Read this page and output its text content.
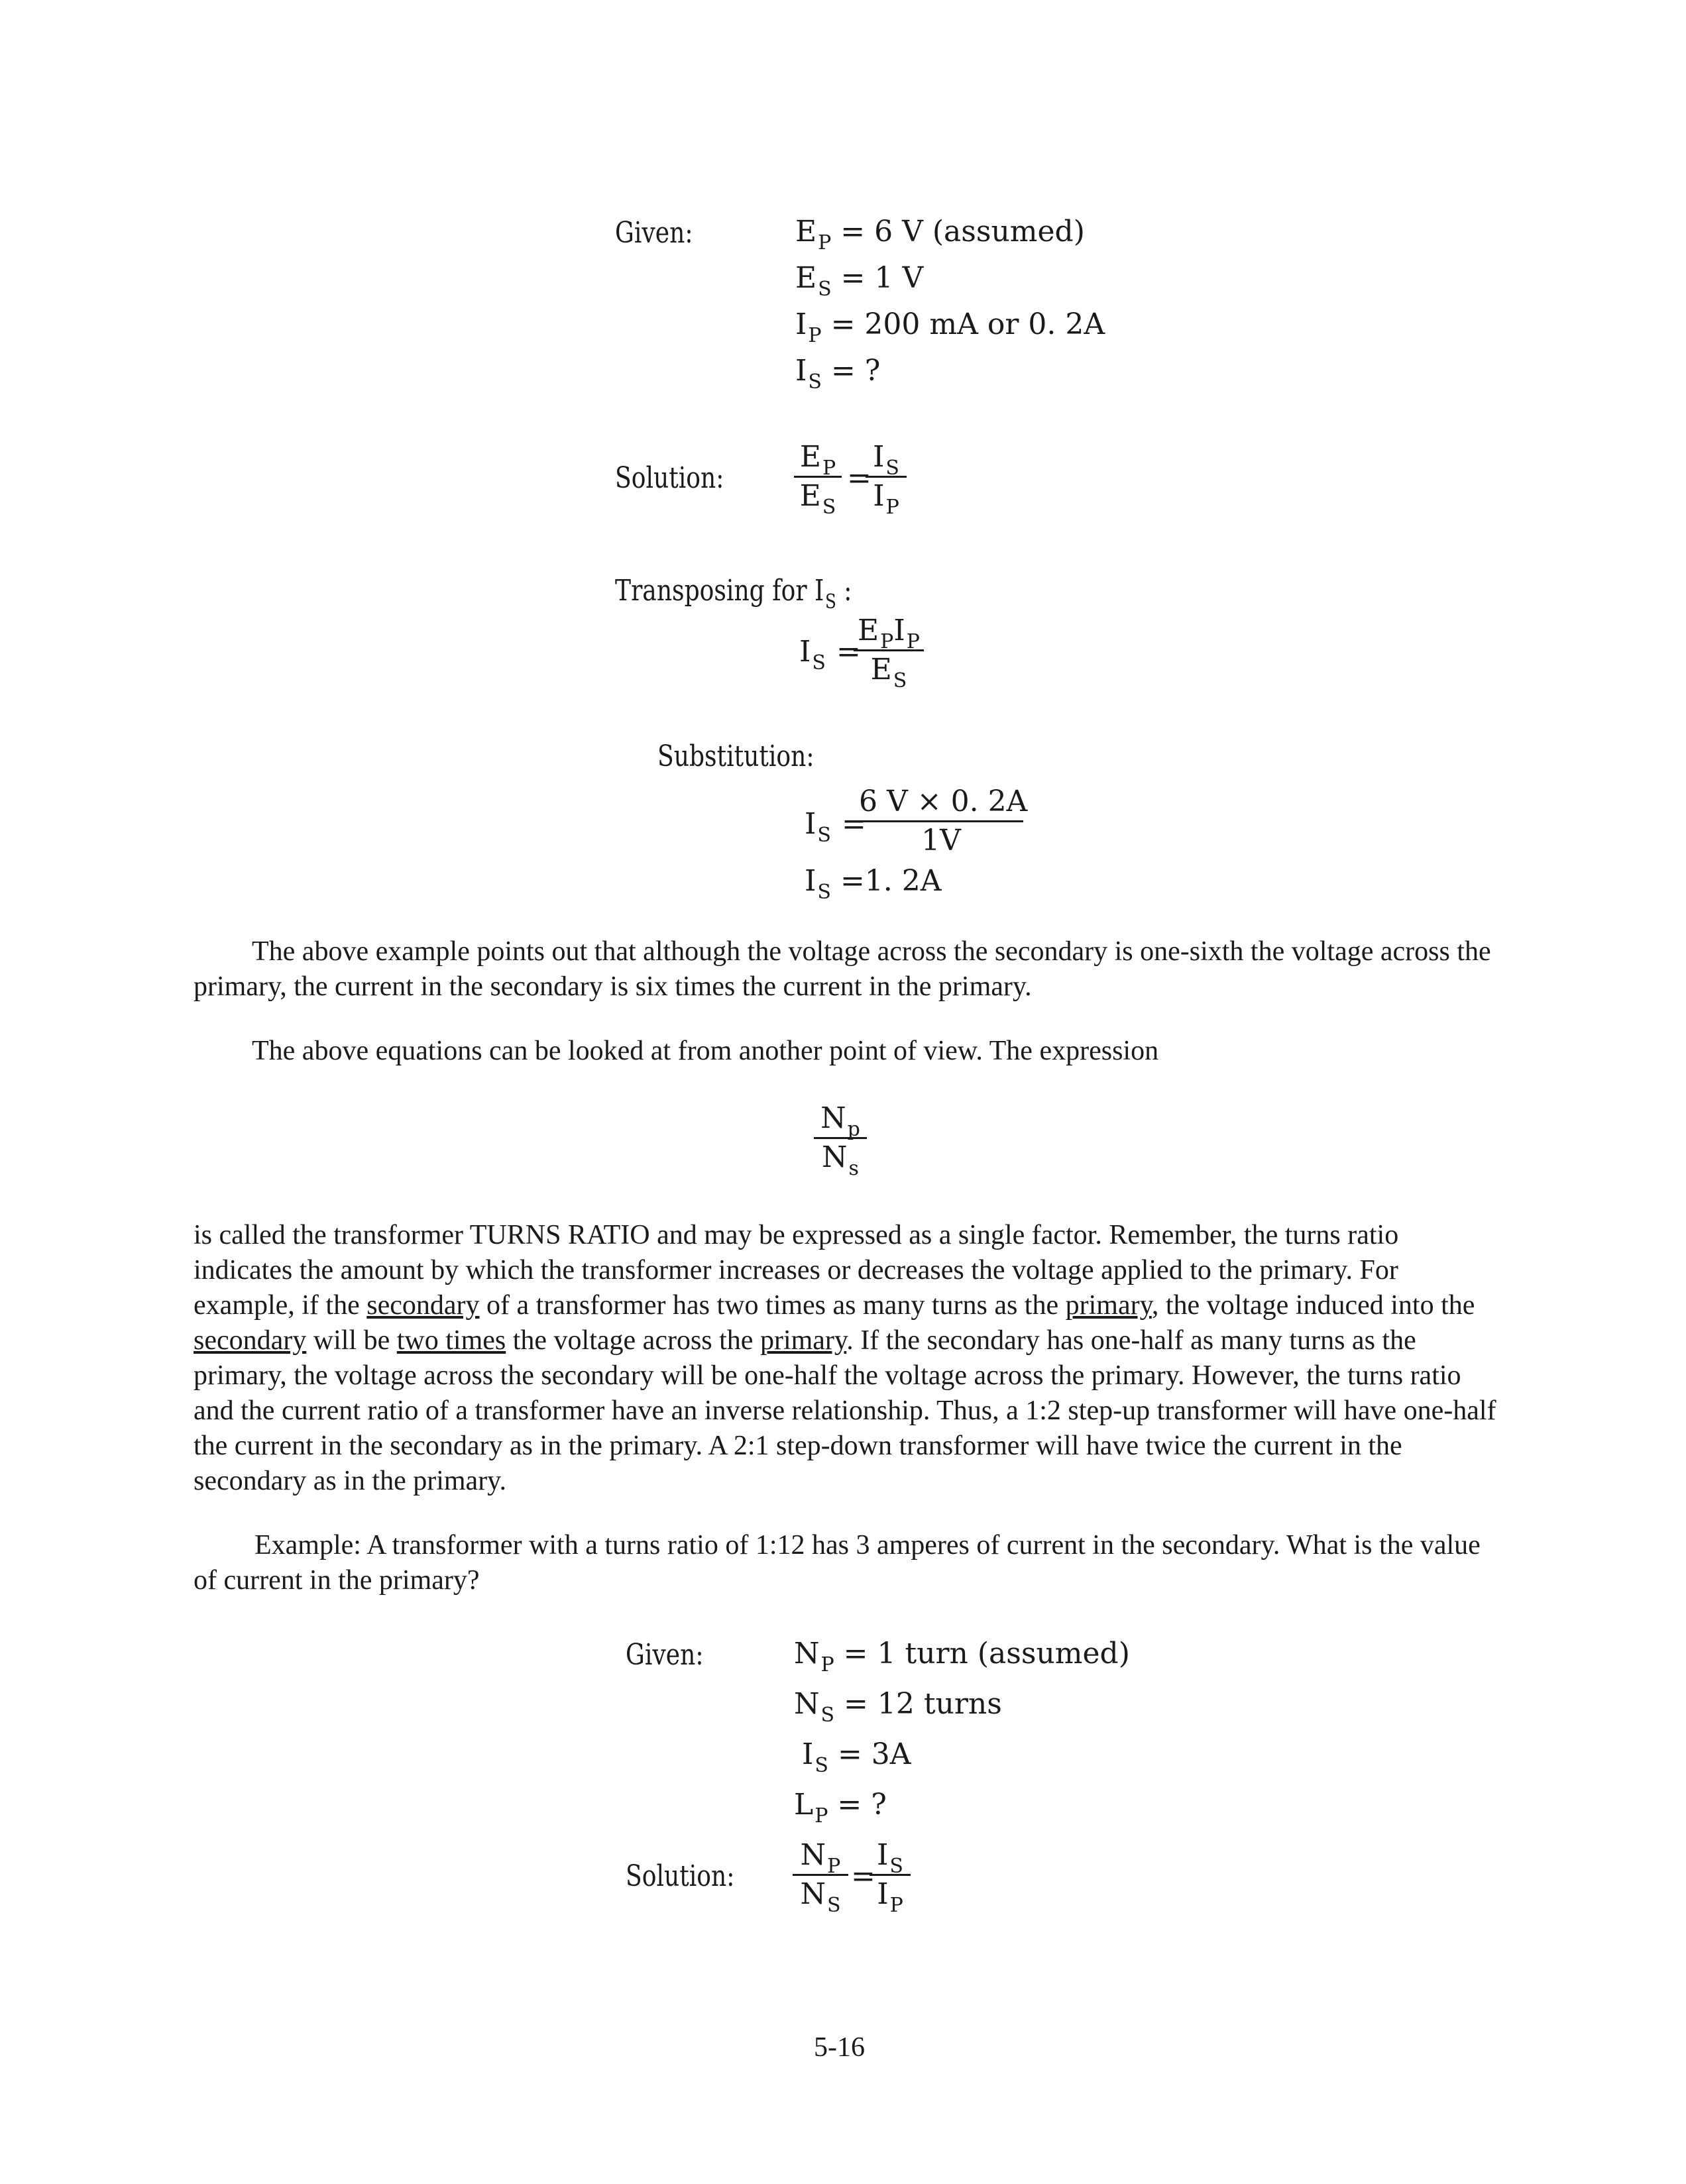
Given:	$E_P = 6$ V (assumed)
$E_S = 1$ V
$I_P = 200$ mA or 0. 2A
$I_S$ = ?
Solution:
$E_P$
$E_S$
=
$I_S$
$I_P$
Transposing for $I_S$ :
$I_S$ =
$E_PI_P$
$E_S$
Substitution:
$I_S$ =
6 V × 0. 2A
1V
$I_S =1$. 2A
The above example points out that although the voltage across the secondary is one-sixth the voltage across the primary, the current in the secondary is six times the current in the primary.
The above equations can be looked at from another point of view. The expression
$N_p$
$N_s$
is called the transformer TURNS RATIO and may be expressed as a single factor. Remember, the turns ratio indicates the amount by which the transformer increases or decreases the voltage applied to the primary. For example, if the secondary of a transformer has two times as many turns as the primary, the voltage induced into the secondary will be two times the voltage across the primary. If the secondary has one-half as many turns as the primary, the voltage across the secondary will be one-half the voltage across the primary. However, the turns ratio and the current ratio of a transformer have an inverse relationship. Thus, a 1:2 step-up transformer will have one-half the current in the secondary as in the primary. A 2:1 step-down transformer will have twice the current in the secondary as in the primary.
Example: A transformer with a turns ratio of 1:12 has 3 amperes of current in the secondary. What is the value of current in the primary?
Given:	$N_P = 1$ turn (assumed)
$N_S = 12$ turns
$I_S = 3A$
$L_P$ = ?
Solution:
$N_P$
$N_S$
=
$I_S$
$I_P$
5-16
